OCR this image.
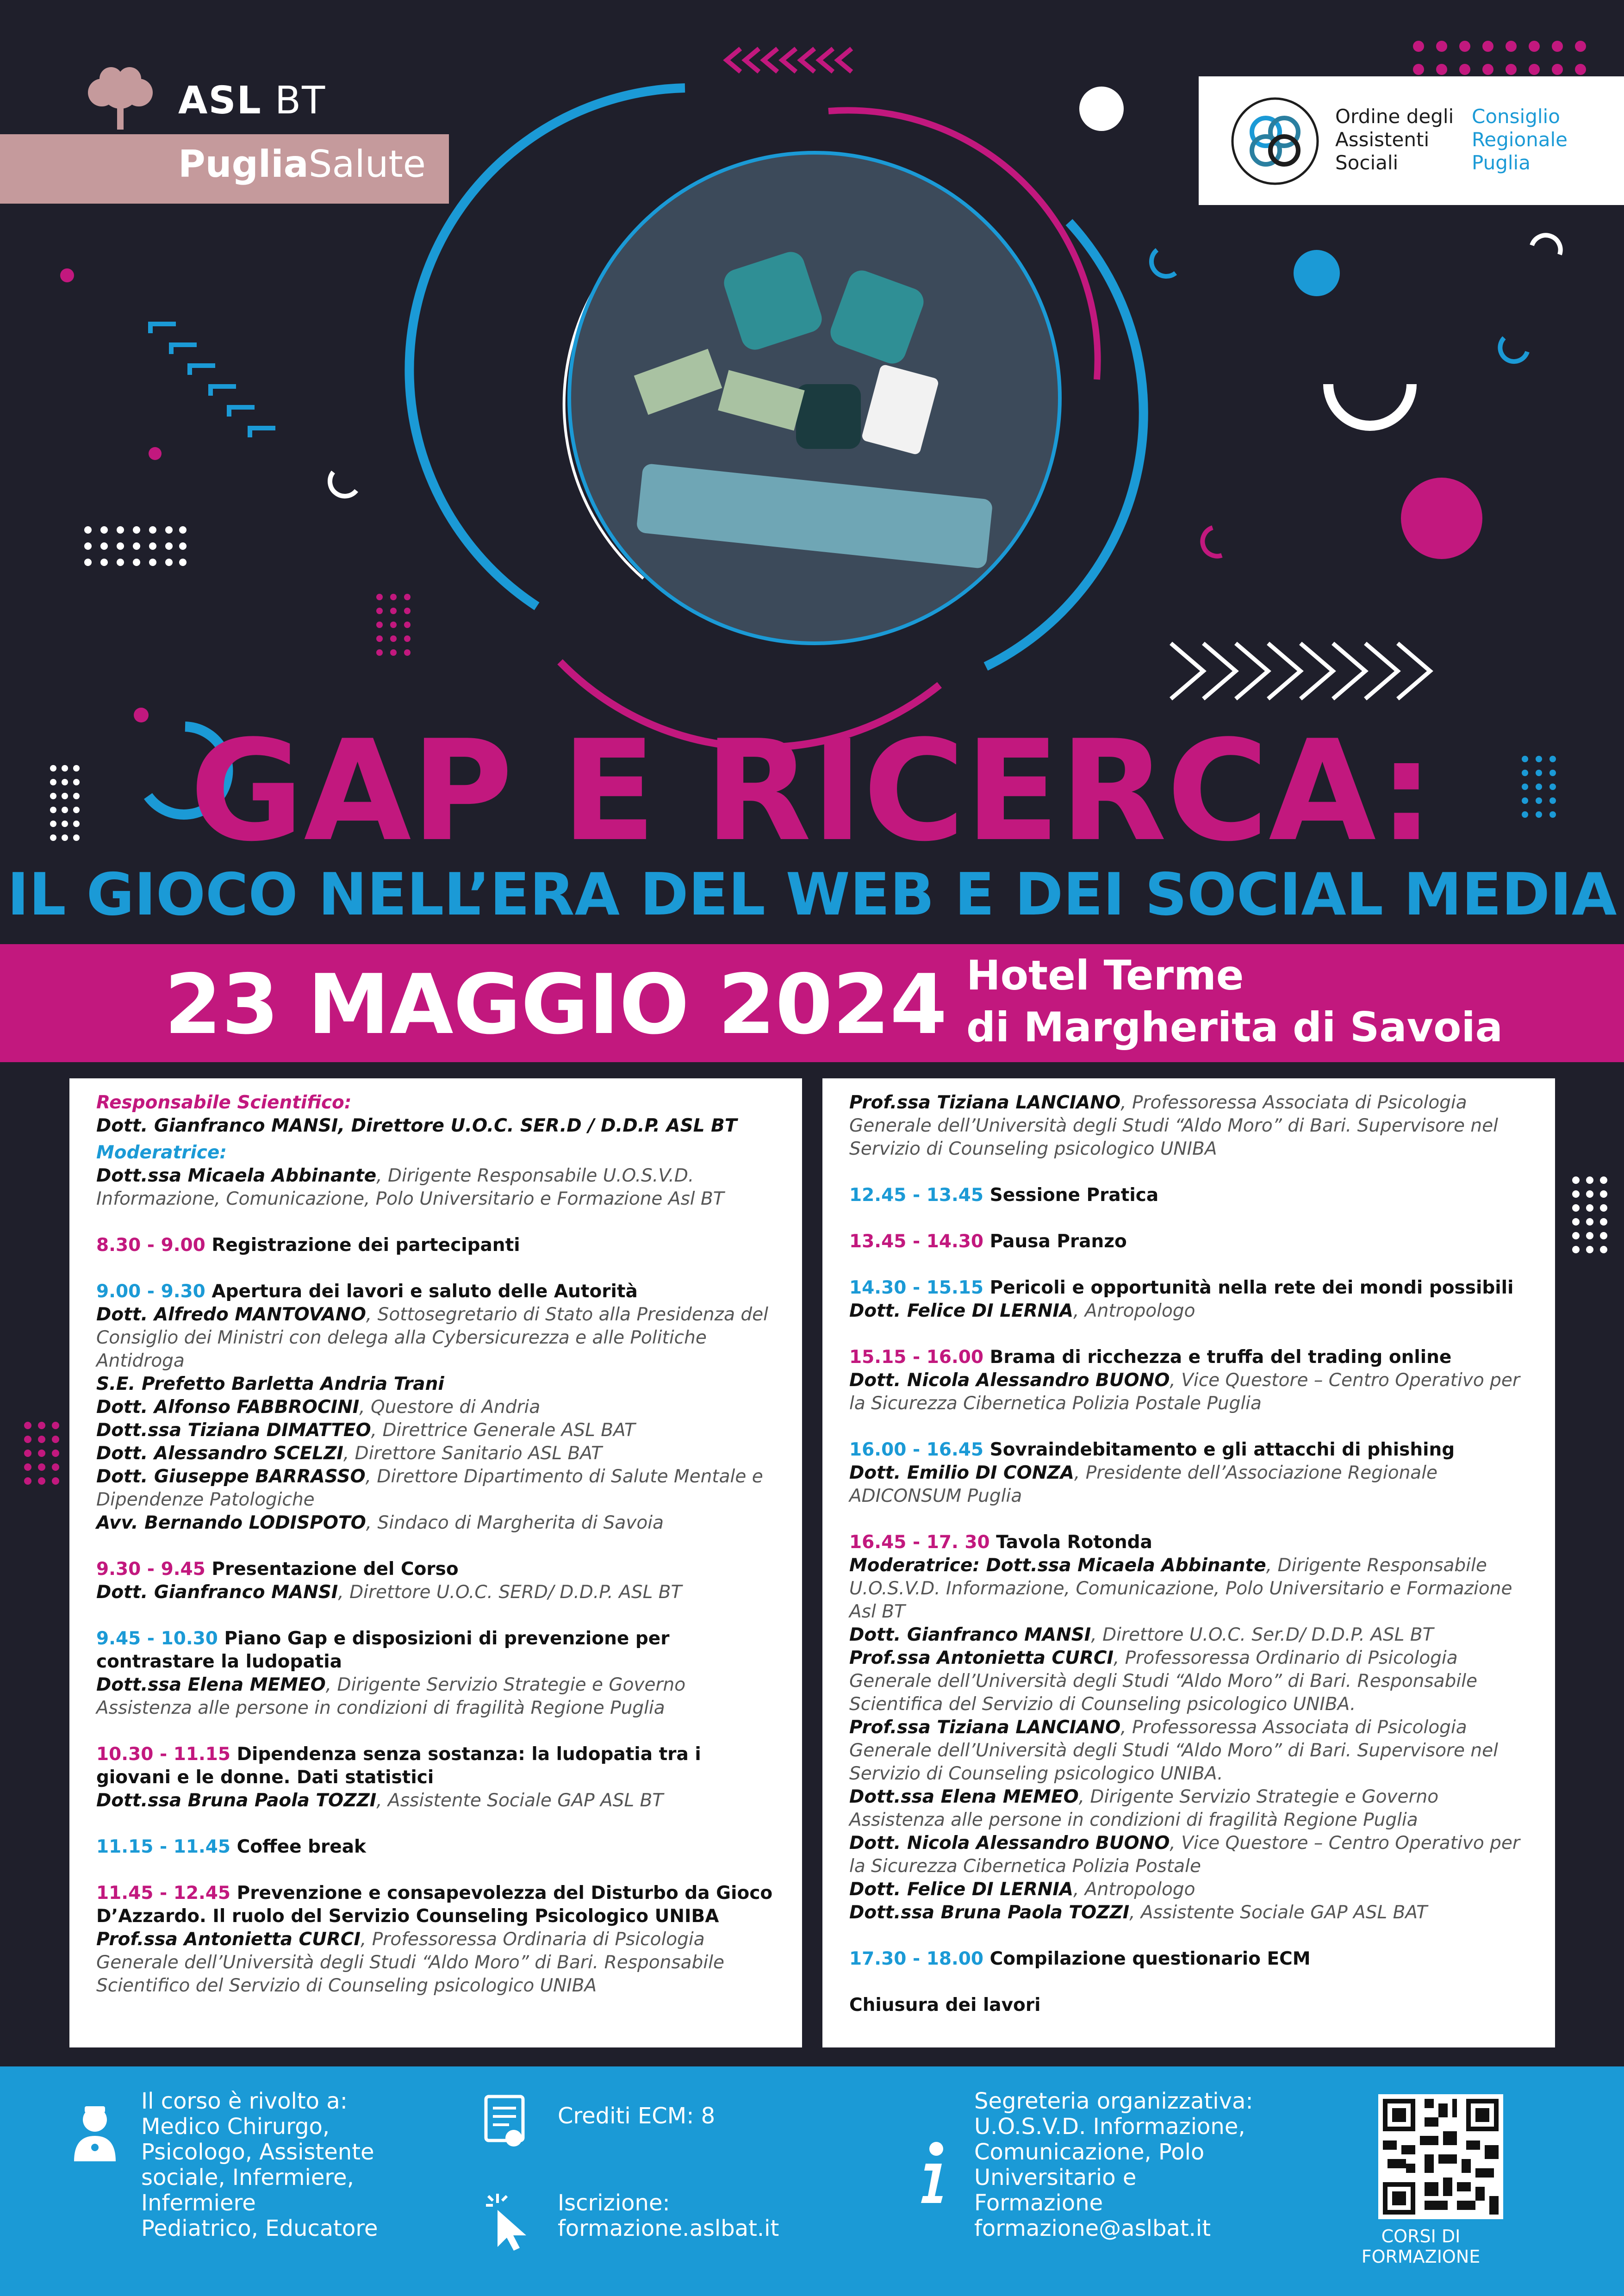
ASL BT
PugliaSalute
Ordine degli
Assistenti
Sociali
Consiglio
Regionale
Puglia
GAP E RICERCA:
IL GIOCO NELL’ERA DEL WEB E DEI SOCIAL MEDIA
23 MAGGIO 2024 Hotel Terme
di Margherita di Savoia
Responsabile Scientifico:
Dott. Gianfranco MANSI, Direttore U.O.C. SER.D / D.D.P. ASL BT
Moderatrice:
Dott.ssa Micaela Abbinante, Dirigente Responsabile U.O.S.V.D. Informazione, Comunicazione, Polo Universitario e Formazione Asl BT
8.30 - 9.00 Registrazione dei partecipanti
9.00 - 9.30 Apertura dei lavori e saluto delle Autorità
Dott. Alfredo MANTOVANO, Sottosegretario di Stato alla Presidenza del Consiglio dei Ministri con delega alla Cybersicurezza e alle Politiche Antidroga
S.E. Prefetto Barletta Andria Trani
Dott. Alfonso FABBROCINI, Questore di Andria
Dott.ssa Tiziana DIMATTEO, Direttrice Generale ASL BAT
Dott. Alessandro SCELZI, Direttore Sanitario ASL BAT
Dott. Giuseppe BARRASSO, Direttore Dipartimento di Salute Mentale e Dipendenze Patologiche
Avv. Bernando LODISPOTO, Sindaco di Margherita di Savoia
9.30 - 9.45 Presentazione del Corso
Dott. Gianfranco MANSI, Direttore U.O.C. SERD/ D.D.P. ASL BT
9.45 - 10.30 Piano Gap e disposizioni di prevenzione per contrastare la ludopatia
Dott.ssa Elena MEMEO, Dirigente Servizio Strategie e Governo Assistenza alle persone in condizioni di fragilità Regione Puglia
10.30 - 11.15 Dipendenza senza sostanza: la ludopatia tra i giovani e le donne. Dati statistici
Dott.ssa Bruna Paola TOZZI, Assistente Sociale GAP ASL BT
11.15 - 11.45 Coffee break
11.45 - 12.45 Prevenzione e consapevolezza del Disturbo da Gioco D’Azzardo. Il ruolo del Servizio Counseling Psicologico UNIBA
Prof.ssa Antonietta CURCI, Professoressa Ordinaria di Psicologia Generale dell’Università degli Studi “Aldo Moro” di Bari. Responsabile Scientifico del Servizio di Counseling psicologico UNIBA
Prof.ssa Tiziana LANCIANO, Professoressa Associata di Psicologia Generale dell’Università degli Studi “Aldo Moro” di Bari. Supervisore nel Servizio di Counseling psicologico UNIBA
12.45 - 13.45 Sessione Pratica
13.45 - 14.30 Pausa Pranzo
14.30 - 15.15 Pericoli e opportunità nella rete dei mondi possibili
Dott. Felice DI LERNIA, Antropologo
15.15 - 16.00 Brama di ricchezza e truffa del trading online
Dott. Nicola Alessandro BUONO, Vice Questore – Centro Operativo per la Sicurezza Cibernetica Polizia Postale Puglia
16.00 - 16.45 Sovraindebitamento e gli attacchi di phishing
Dott. Emilio DI CONZA, Presidente dell’Associazione Regionale ADICONSUM Puglia
16.45 - 17. 30 Tavola Rotonda
Moderatrice: Dott.ssa Micaela Abbinante, Dirigente Responsabile U.O.S.V.D. Informazione, Comunicazione, Polo Universitario e Formazione Asl BT
Dott. Gianfranco MANSI, Direttore U.O.C. Ser.D/ D.D.P. ASL BT
Prof.ssa Antonietta CURCI, Professoressa Ordinario di Psicologia Generale dell’Università degli Studi “Aldo Moro” di Bari. Responsabile Scientifica del Servizio di Counseling psicologico UNIBA.
Prof.ssa Tiziana LANCIANO, Professoressa Associata di Psicologia Generale dell’Università degli Studi “Aldo Moro” di Bari. Supervisore nel Servizio di Counseling psicologico UNIBA.
Dott.ssa Elena MEMEO, Dirigente Servizio Strategie e Governo Assistenza alle persone in condizioni di fragilità Regione Puglia
Dott. Nicola Alessandro BUONO, Vice Questore – Centro Operativo per la Sicurezza Cibernetica Polizia Postale
Dott. Felice DI LERNIA, Antropologo
Dott.ssa Bruna Paola TOZZI, Assistente Sociale GAP ASL BAT
17.30 - 18.00 Compilazione questionario ECM
Chiusura dei lavori
Il corso è rivolto a:
Medico Chirurgo,
Psicologo, Assistente
sociale, Infermiere,
Infermiere
Pediatrico, Educatore
Crediti ECM: 8
Iscrizione:
formazione.aslbat.it
Segreteria organizzativa:
U.O.S.V.D. Informazione,
Comunicazione, Polo
Universitario e
Formazione
formazione@aslbat.it	CORSI DI FORMAZIONE
